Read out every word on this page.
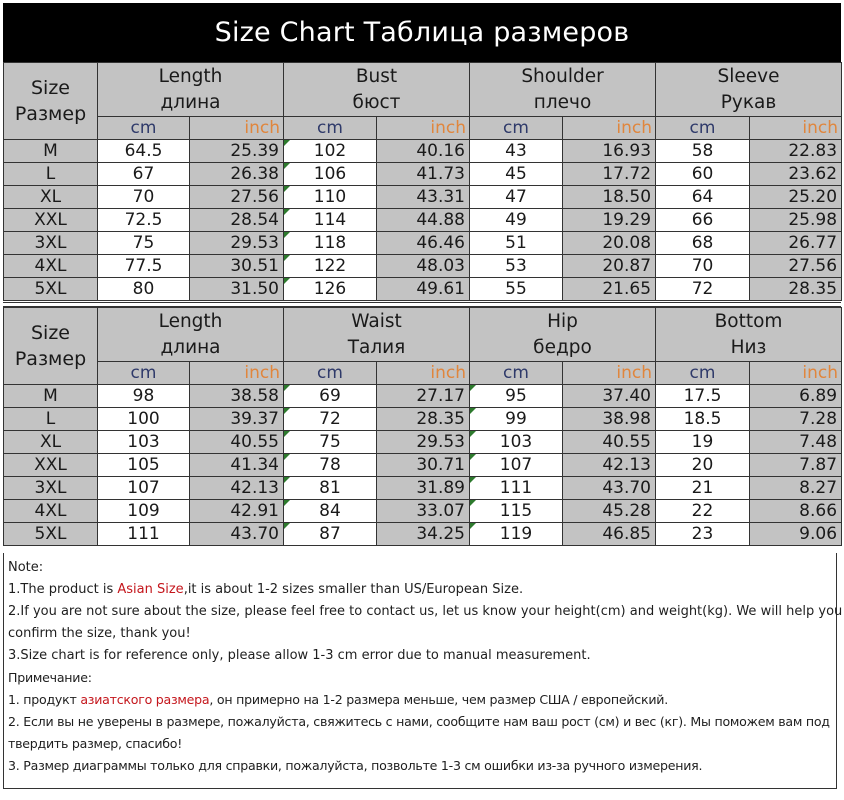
Size Chart Таблица размеров
Size
Размер

Length
длина

Bust
бюст

Shoulder
плечо

Sleeve
Рукав

	cm	inch	cm	inch	cm	inch	cm	inch
M	64.5	25.39	102	40.16	43	16.93	58	22.83
L	67	26.38	106	41.73	45	17.72	60	23.62
XL	70	27.56	110	43.31	47	18.50	64	25.20
XXL	72.5	28.54	114	44.88	49	19.29	66	25.98
3XL	75	29.53	118	46.46	51	20.08	68	26.77
4XL	77.5	30.51	122	48.03	53	20.87	70	27.56
5XL	80	31.50	126	49.61	55	21.65	72	28.35
Size
Размер

Length
длина

Waist
Талия

Hip
бедро

Bottom
Низ

	cm	inch	cm	inch	cm	inch	cm	inch
M	98	38.58	69	27.17	95	37.40	17.5	6.89
L	100	39.37	72	28.35	99	38.98	18.5	7.28
XL	103	40.55	75	29.53	103	40.55	19	7.48
XXL	105	41.34	78	30.71	107	42.13	20	7.87
3XL	107	42.13	81	31.89	111	43.70	21	8.27
4XL	109	42.91	84	33.07	115	45.28	22	8.66
5XL	111	43.70	87	34.25	119	46.85	23	9.06
Note:
1.The product is Asian Size,it is about 1-2 sizes smaller than US/European Size.
2.If you are not sure about the size, please feel free to contact us, let us know your height(cm) and weight(kg). We will help you
confirm the size, thank you!
3.Size chart is for reference only, please allow 1-3 cm error due to manual measurement.
Примечание:
1. продукт азиатского размера, он примерно на 1-2 размера меньше, чем размер США / европейский.
2. Если вы не уверены в размере, пожалуйста, свяжитесь с нами, сообщите нам ваш рост (см) и вес (кг). Мы поможем вам под
твердить размер, спасибо!
3. Размер диаграммы только для справки, пожалуйста, позвольте 1-3 см ошибки из-за ручного измерения.
